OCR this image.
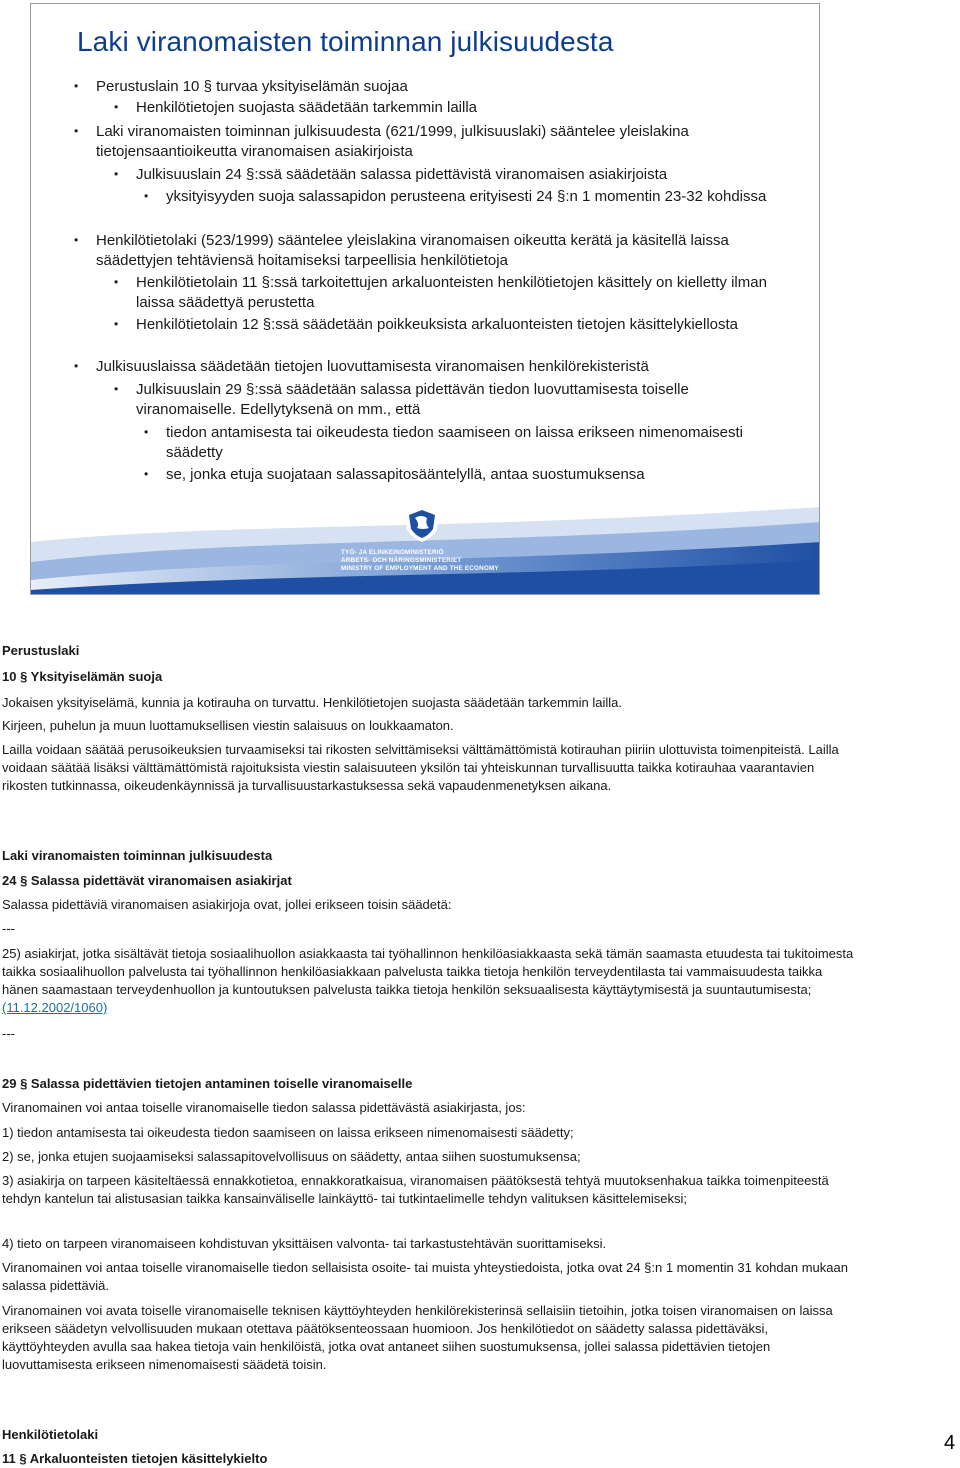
Laki viranomaisten toiminnan julkisuudesta

• Perustuslain 10 § turvaa yksityiselämän suojaa

• Henkilötietojen suojasta säädetään tarkemmin lailla

• Laki viranomaisten toiminnan julkisuudesta (621/1999, julkisuuslaki) sääntelee yleislakina tietojensaantioikeutta viranomaisen asiakirjoista

• Julkisuuslain 24 §:ssä säädetään salassa pidettävistä viranomaisen asiakirjoista

• yksityisyyden suoja salassapidon perusteena erityisesti 24 §:n 1 momentin 23-32 kohdissa

• Henkilötietolaki (523/1999) sääntelee yleislakina viranomaisen oikeutta kerätä ja käsitellä laissa säädettyjen tehtäviensä hoitamiseksi tarpeellisia henkilötietoja

• Henkilötietolain 11 §:ssä tarkoitettujen arkaluonteisten henkilötietojen käsittely on kielletty ilman laissa säädettyä perustetta

• Henkilötietolain 12 §:ssä säädetään poikkeuksista arkaluonteisten tietojen käsittelykiellosta

• Julkisuuslaissa säädetään tietojen luovuttamisesta viranomaisen henkilörekisteristä

• Julkisuuslain 29 §:ssä säädetään salassa pidettävän tiedon luovuttamisesta toiselle viranomaiselle. Edellytyksenä on mm., että

• tiedon antamisesta tai oikeudesta tiedon saamiseen on laissa erikseen nimenomaisesti säädetty

• se, jonka etuja suojataan salassapitosääntelyllä, antaa suostumuksensa

TYÖ- JA ELINKEINOMINISTERIÖ
ARBETS- OCH NÄRINGSMINISTERIET
MINISTRY OF EMPLOYMENT AND THE ECONOMY

Perustuslaki

10 § Yksityiselämän suoja

Jokaisen yksityiselämä, kunnia ja kotirauha on turvattu. Henkilötietojen suojasta säädetään tarkemmin lailla.

Kirjeen, puhelun ja muun luottamuksellisen viestin salaisuus on loukkaamaton.

Lailla voidaan säätää perusoikeuksien turvaamiseksi tai rikosten selvittämiseksi välttämättömistä kotirauhan piiriin ulottuvista toimenpiteistä. Lailla voidaan säätää lisäksi välttämättömistä rajoituksista viestin salaisuuteen yksilön tai yhteiskunnan turvallisuutta taikka kotirauhaa vaarantavien rikosten tutkinnassa, oikeudenkäynnissä ja turvallisuustarkastuksessa sekä vapaudenmenetyksen aikana.

Laki viranomaisten toiminnan julkisuudesta

24 § Salassa pidettävät viranomaisen asiakirjat

Salassa pidettäviä viranomaisen asiakirjoja ovat, jollei erikseen toisin säädetä:

---

25) asiakirjat, jotka sisältävät tietoja sosiaalihuollon asiakkaasta tai työhallinnon henkilöasiakkaasta sekä tämän saamasta etuudesta tai tukitoimesta taikka sosiaalihuollon palvelusta tai työhallinnon henkilöasiakkaan palvelusta taikka tietoja henkilön terveydentilasta tai vammaisuudesta taikka hänen saamastaan terveydenhuollon ja kuntoutuksen palvelusta taikka tietoja henkilön seksuaalisesta käyttäytymisestä ja suuntautumisesta; (11.12.2002/1060)

---

29 § Salassa pidettävien tietojen antaminen toiselle viranomaiselle

Viranomainen voi antaa toiselle viranomaiselle tiedon salassa pidettävästä asiakirjasta, jos:

1) tiedon antamisesta tai oikeudesta tiedon saamiseen on laissa erikseen nimenomaisesti säädetty;

2) se, jonka etujen suojaamiseksi salassapitovelvollisuus on säädetty, antaa siihen suostumuksensa;

3) asiakirja on tarpeen käsiteltäessä ennakkotietoa, ennakkoratkaisua, viranomaisen päätöksestä tehtyä muutoksenhakua taikka toimenpiteestä tehdyn kantelun tai alistusasian taikka kansainväliselle lainkäyttö- tai tutkintaelimelle tehdyn valituksen käsittelemiseksi;

4) tieto on tarpeen viranomaiseen kohdistuvan yksittäisen valvonta- tai tarkastustehtävän suorittamiseksi.

Viranomainen voi antaa toiselle viranomaiselle tiedon sellaisista osoite- tai muista yhteystiedoista, jotka ovat 24 §:n 1 momentin 31 kohdan mukaan salassa pidettäviä.

Viranomainen voi avata toiselle viranomaiselle teknisen käyttöyhteyden henkilörekisterinsä sellaisiin tietoihin, jotka toisen viranomaisen on laissa erikseen säädetyn velvollisuuden mukaan otettava päätöksenteossaan huomioon. Jos henkilötiedot on säädetty salassa pidettäväksi, käyttöyhteyden avulla saa hakea tietoja vain henkilöistä, jotka ovat antaneet siihen suostumuksensa, jollei salassa pidettävien tietojen luovuttamisesta erikseen nimenomaisesti säädetä toisin.

Henkilötietolaki

11 § Arkaluonteisten tietojen käsittelykielto

4
